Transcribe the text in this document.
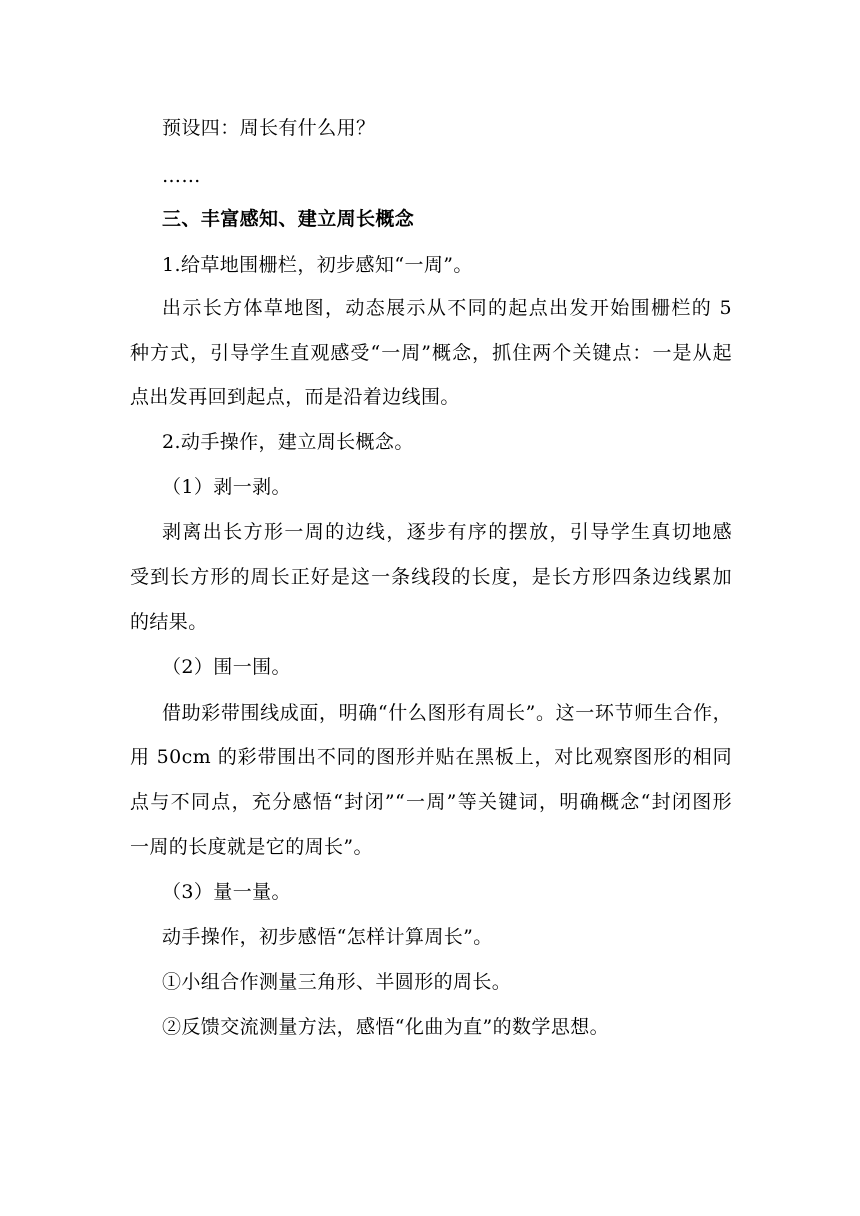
预设四：周长有什么用？
……
三、丰富感知、建立周长概念
1.给草地围栅栏，初步感知“一周”。
出示长方体草地图，动态展示从不同的起点出发开始围栅栏的 5
种方式，引导学生直观感受“一周”概念，抓住两个关键点：一是从起
点出发再回到起点，而是沿着边线围。
2.动手操作，建立周长概念。
（1）剥一剥。
剥离出长方形一周的边线，逐步有序的摆放，引导学生真切地感
受到长方形的周长正好是这一条线段的长度，是长方形四条边线累加
的结果。
（2）围一围。
借助彩带围线成面，明确“什么图形有周长”。这一环节师生合作，
用 50cm 的彩带围出不同的图形并贴在黑板上，对比观察图形的相同
点与不同点，充分感悟“封闭”“一周”等关键词，明确概念“封闭图形
一周的长度就是它的周长”。
（3）量一量。
动手操作，初步感悟“怎样计算周长”。
①小组合作测量三角形、半圆形的周长。
②反馈交流测量方法，感悟“化曲为直”的数学思想。
